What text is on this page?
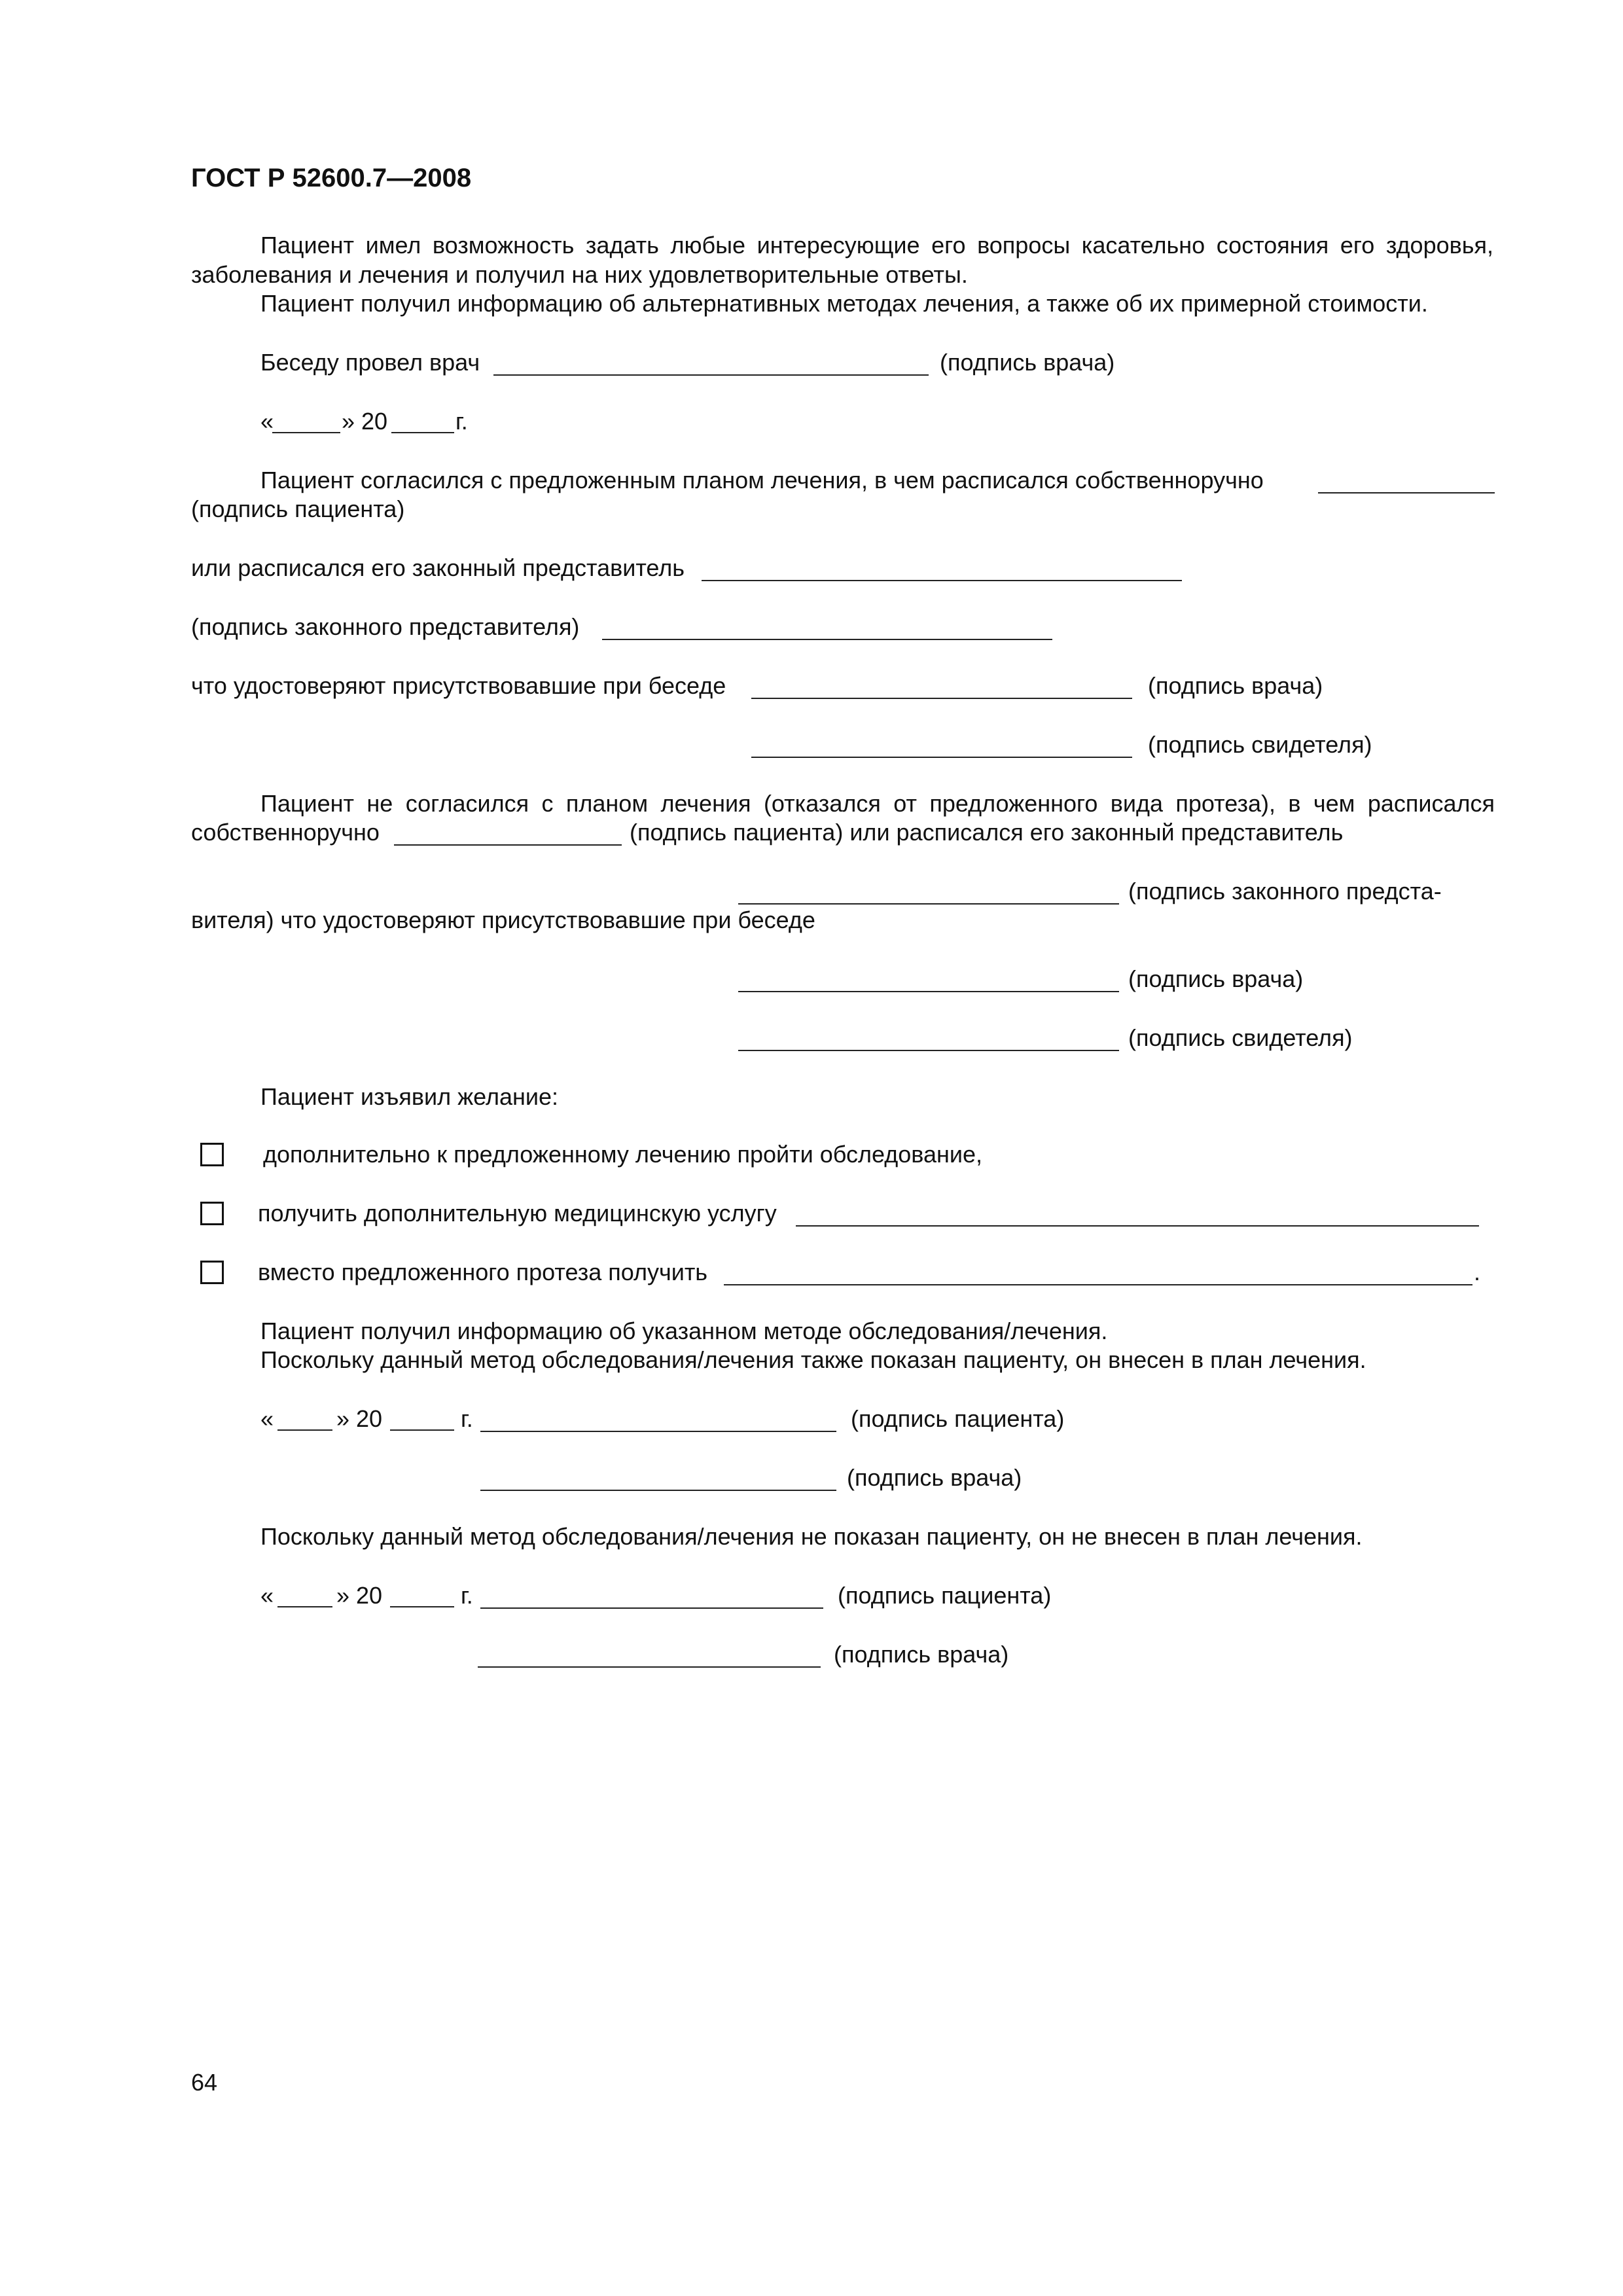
ГОСТ Р 52600.7—2008
Пациент имел возможность задать любые интересующие его вопросы касательно состояния его здоровья, заболевания и лечения и получил на них удовлетворительные ответы.
Пациент получил информацию об альтернативных методах лечения, а также об их примерной стоимости.
Беседу провел врач	(подпись врача)
«	» 20	г.
Пациент согласился с предложенным планом лечения, в чем расписался собственноручно
(подпись пациента)
или расписался его законный представитель
(подпись законного представителя)
что удостоверяют присутствовавшие при беседе	(подпись врача)
(подпись свидетеля)
Пациент не согласился с планом лечения (отказался от предложенного вида протеза), в чем расписался
собственноручно	(подпись пациента) или расписался его законный представитель
(подпись законного предста-
вителя) что удостоверяют присутствовавшие при беседе
(подпись врача)
(подпись свидетеля)
Пациент изъявил желание:
дополнительно к предложенному лечению пройти обследование,
получить дополнительную медицинскую услугу
вместо предложенного протеза получить	.
Пациент получил информацию об указанном методе обследования/лечения.
Поскольку данный метод обследования/лечения также показан пациенту, он внесен в план лечения.
«	» 20	г.	(подпись пациента)
(подпись врача)
Поскольку данный метод обследования/лечения не показан пациенту, он не внесен в план лечения.
«	» 20	г.	(подпись пациента)
(подпись врача)
64
